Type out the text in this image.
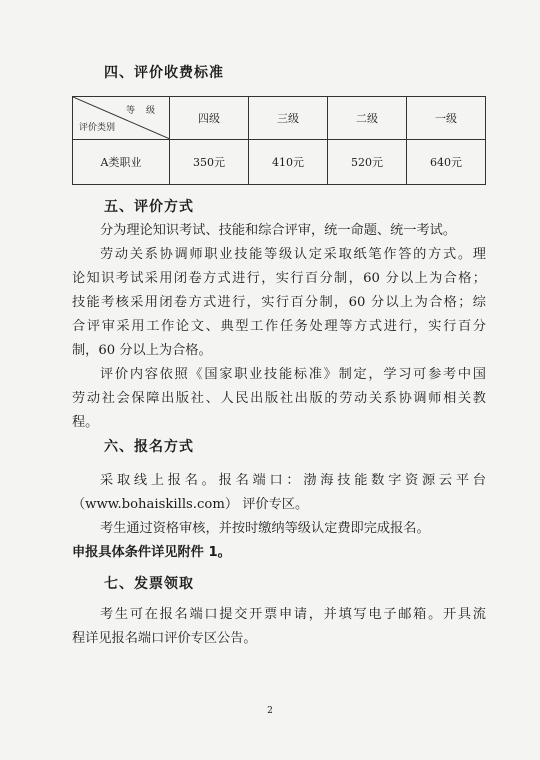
四、评价收费标准
等 级
评价类别	四级	三级	二级	一级
A类职业	350元	410元	520元	640元
五、评价方式

分为理论知识考试、技能和综合评审，统一命题、统一考试。

劳动关系协调师职业技能等级认定采取纸笔作答的方式。理
论知识考试采用闭卷方式进行，实行百分制，60 分以上为合格；
技能考核采用闭卷方式进行，实行百分制，60 分以上为合格；综
合评审采用工作论文、典型工作任务处理等方式进行，实行百分
制，60 分以上为合格。

评价内容依照《国家职业技能标准》制定，学习可参考中国
劳动社会保障出版社、人民出版社出版的劳动关系协调师相关教
程。

六、报名方式

采取线上报名。报名端口：渤海技能数字资源云平台
（www.bohaiskills.com） 评价专区。

考生通过资格审核，并按时缴纳等级认定费即完成报名。

申报具体条件详见附件 1。

七、发票领取

考生可在报名端口提交开票申请，并填写电子邮箱。开具流
程详见报名端口评价专区公告。

2
